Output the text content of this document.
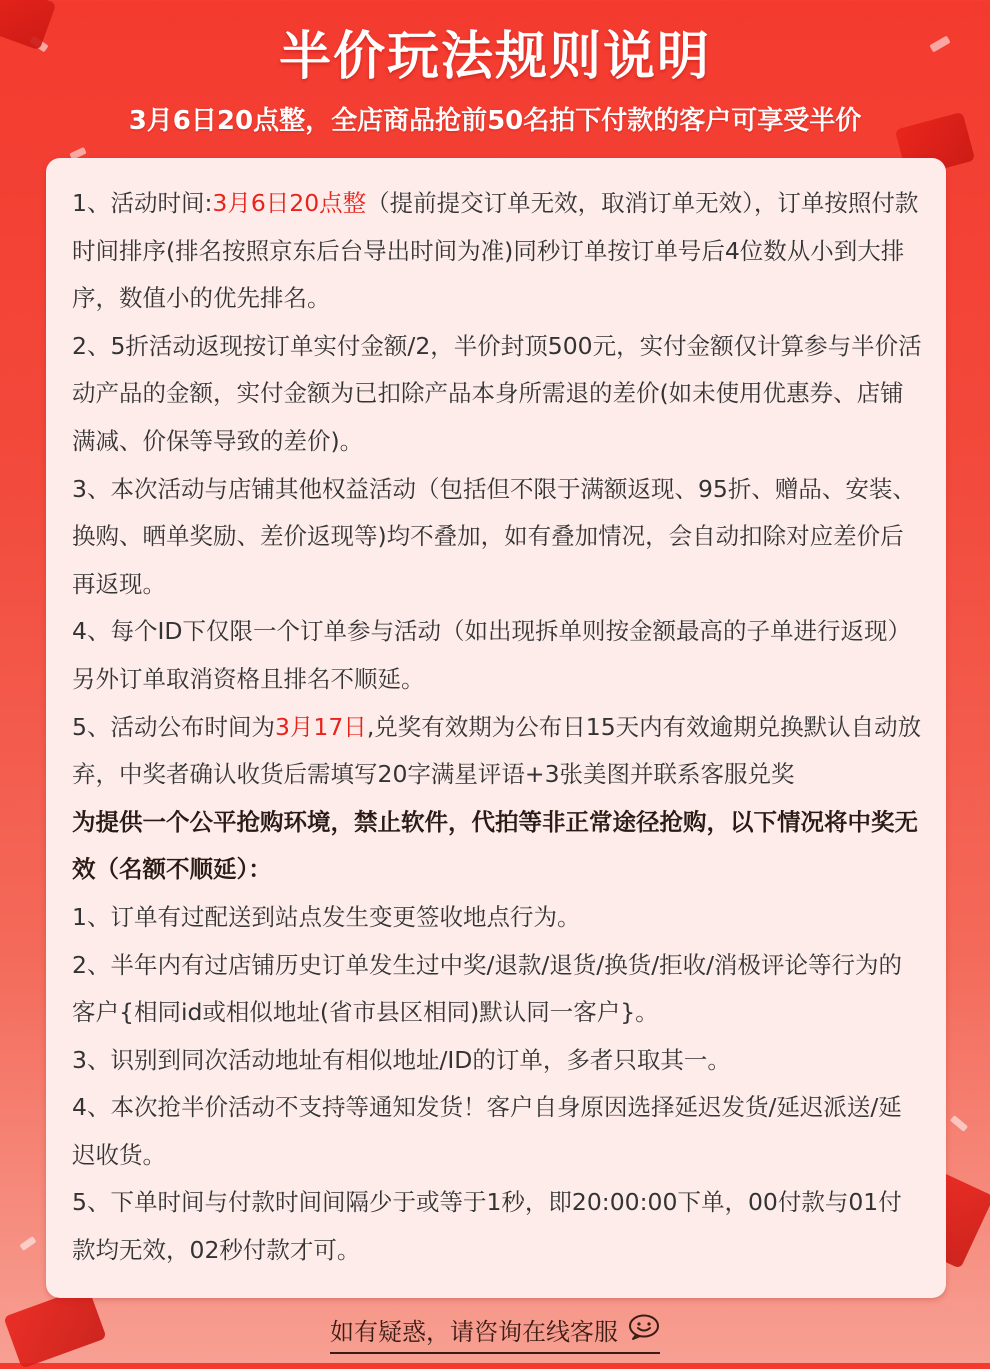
半价玩法规则说明
3月6日20点整，全店商品抢前50名拍下付款的客户可享受半价

1、活动时间:3月6日20点整（提前提交订单无效，取消订单无效），订单按照付款时间排序(排名按照京东后台导出时间为准)同秒订单按订单号后4位数从小到大排序，数值小的优先排名。

2、5折活动返现按订单实付金额/2，半价封顶500元，实付金额仅计算参与半价活动产品的金额，实付金额为已扣除产品本身所需退的差价(如未使用优惠券、店铺满减、价保等导致的差价)。

3、本次活动与店铺其他权益活动（包括但不限于满额返现、95折、赠品、安装、换购、晒单奖励、差价返现等)均不叠加，如有叠加情况，会自动扣除对应差价后再返现。

4、每个ID下仅限一个订单参与活动（如出现拆单则按金额最高的子单进行返现）另外订单取消资格且排名不顺延。

5、活动公布时间为3月17日,兑奖有效期为公布日15天内有效逾期兑换默认自动放弃，中奖者确认收货后需填写20字满星评语+3张美图并联系客服兑奖

为提供一个公平抢购环境，禁止软件，代拍等非正常途径抢购，以下情况将中奖无效（名额不顺延）：

1、订单有过配送到站点发生变更签收地点行为。

2、半年内有过店铺历史订单发生过中奖/退款/退货/换货/拒收/消极评论等行为的客户{相同id或相似地址(省市县区相同)默认同一客户}。

3、识别到同次活动地址有相似地址/ID的订单，多者只取其一。

4、本次抢半价活动不支持等通知发货！客户自身原因选择延迟发货/延迟派送/延迟收货。

5、下单时间与付款时间间隔少于或等于1秒，即20:00:00下单，00付款与01付款均无效，02秒付款才可。

如有疑惑，请咨询在线客服
